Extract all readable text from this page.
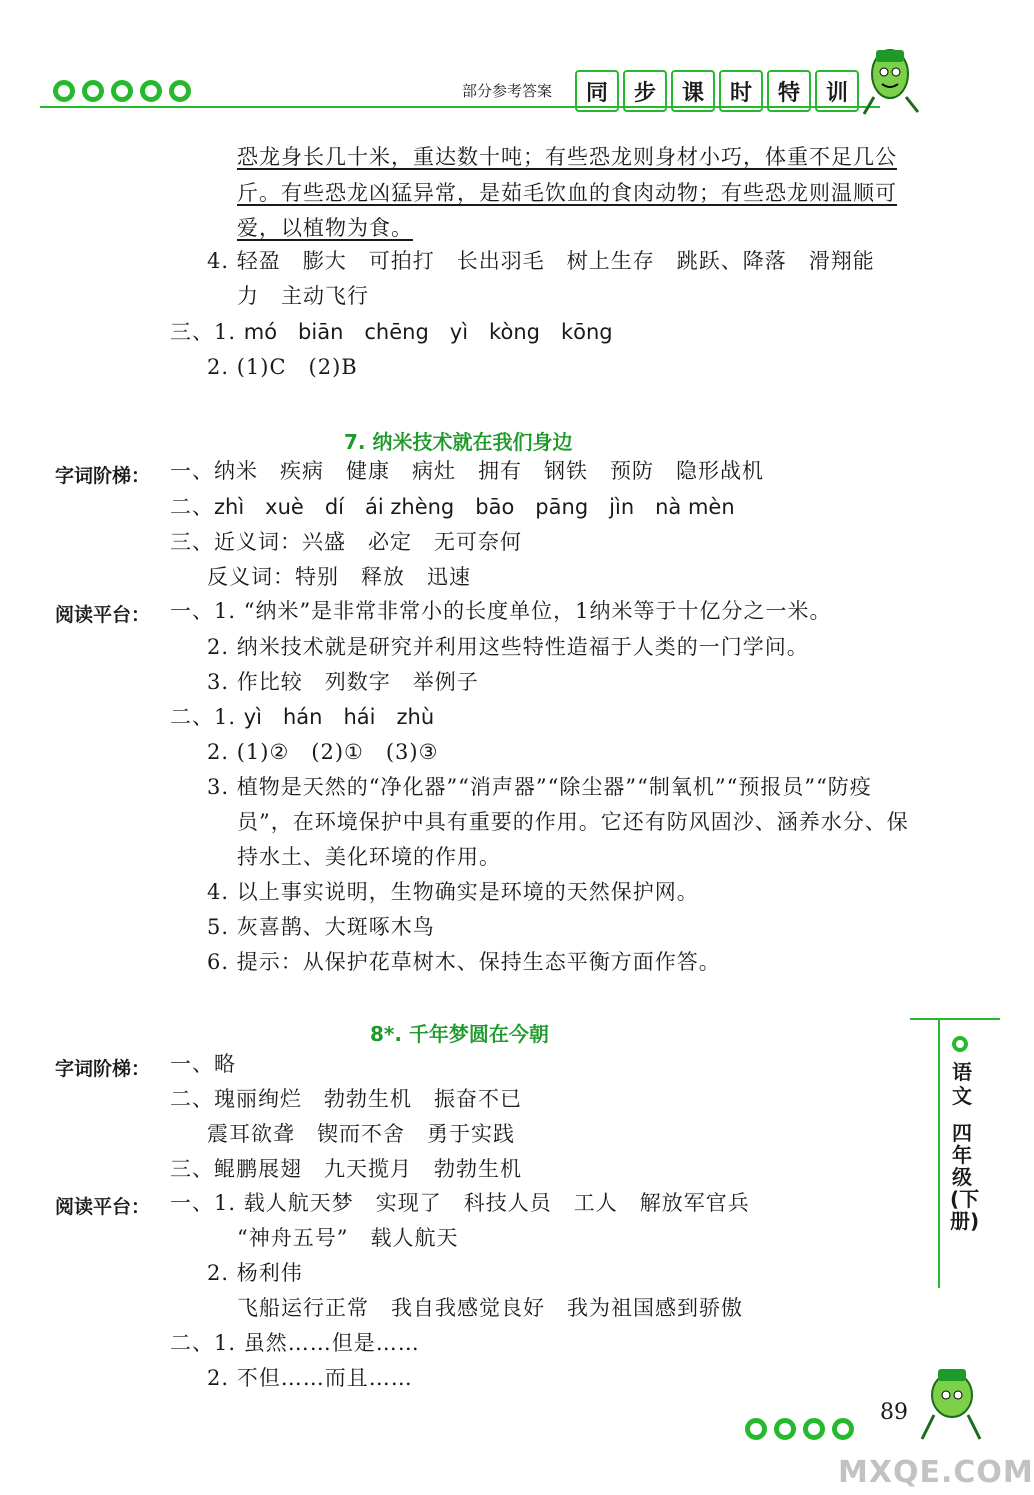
部分参考答案	同	步	课	时	特	训
恐龙身长几十米，重达数十吨；有些恐龙则身材小巧，体重不足几公
斤。有些恐龙凶猛异常，是茹毛饮血的食肉动物；有些恐龙则温顺可
爱，以植物为食。
4. 轻盈　膨大　可拍打　长出羽毛　树上生存　跳跃、降落　滑翔能
力　主动飞行
三、1. mó　biān　chēng　yì　kòng　kōng
2. (1)C　(2)B
7. 纳米技术就在我们身边
字词阶梯： 一、纳米　疾病　健康　病灶　拥有　钢铁　预防　隐形战机
二、zhì　xuè　dí　ái zhèng　bāo　pāng　jìn　nà mèn
三、近义词：兴盛　必定　无可奈何
反义词：特别　释放　迅速
阅读平台： 一、1. “纳米”是非常非常小的长度单位，1纳米等于十亿分之一米。
2. 纳米技术就是研究并利用这些特性造福于人类的一门学问。
3. 作比较　列数字　举例子
二、1. yì　hán　hái　zhù
2. (1)②　(2)①　(3)③
3. 植物是天然的“净化器”“消声器”“除尘器”“制氧机”“预报员”“防疫
员”，在环境保护中具有重要的作用。它还有防风固沙、涵养水分、保
持水土、美化环境的作用。
4. 以上事实说明，生物确实是环境的天然保护网。
5. 灰喜鹊、大斑啄木鸟
6. 提示：从保护花草树木、保持生态平衡方面作答。
8*. 千年梦圆在今朝
字词阶梯： 一、略
二、瑰丽绚烂　勃勃生机　振奋不已
震耳欲聋　锲而不舍　勇于实践
三、鲲鹏展翅　九天揽月　勃勃生机
阅读平台： 一、1. 载人航天梦　实现了　科技人员　工人　解放军官兵
“神舟五号”　载人航天
2. 杨利伟
飞船运行正常　我自我感觉良好　我为祖国感到骄傲
二、1. 虽然……但是……
2. 不但……而且……
语文
四年级(下册)
89
MXQE.COM
